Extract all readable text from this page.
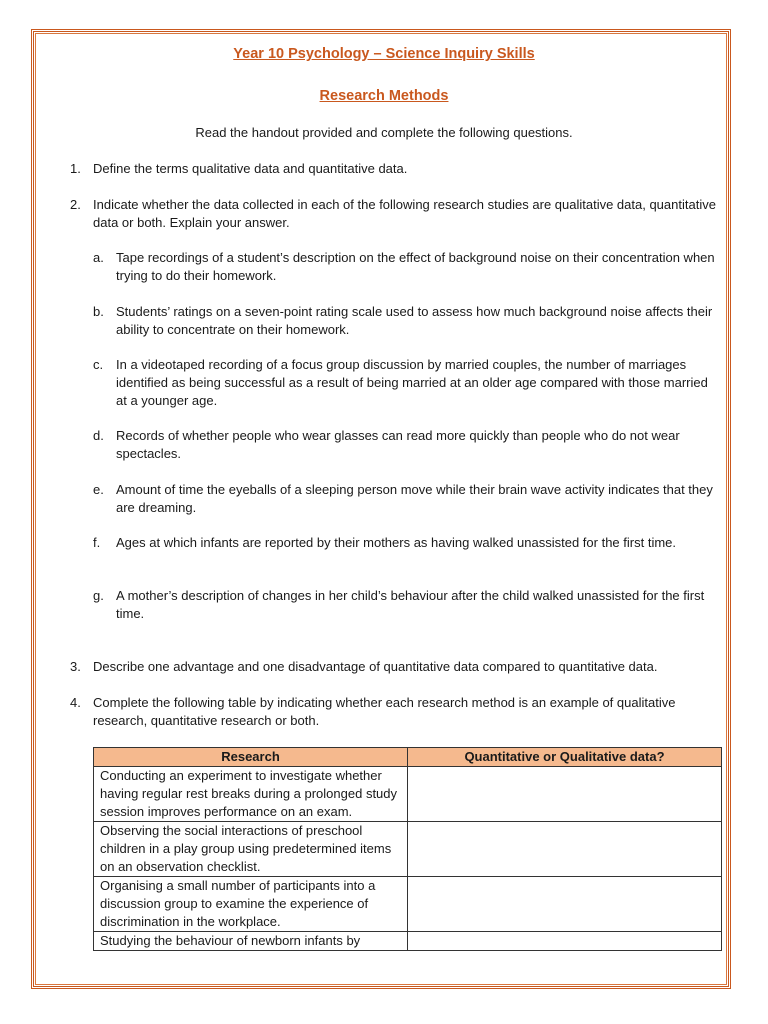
Year 10 Psychology – Science Inquiry Skills
Research Methods
Read the handout provided and complete the following questions.
1. Define the terms qualitative data and quantitative data.
2. Indicate whether the data collected in each of the following research studies are qualitative data, quantitative data or both. Explain your answer.
a. Tape recordings of a student’s description on the effect of background noise on their concentration when trying to do their homework.
b. Students’ ratings on a seven-point rating scale used to assess how much background noise affects their ability to concentrate on their homework.
c. In a videotaped recording of a focus group discussion by married couples, the number of marriages identified as being successful as a result of being married at an older age compared with those married at a younger age.
d. Records of whether people who wear glasses can read more quickly than people who do not wear spectacles.
e. Amount of time the eyeballs of a sleeping person move while their brain wave activity indicates that they are dreaming.
f. Ages at which infants are reported by their mothers as having walked unassisted for the first time.
g. A mother’s description of changes in her child’s behaviour after the child walked unassisted for the first time.
3. Describe one advantage and one disadvantage of quantitative data compared to quantitative data.
4. Complete the following table by indicating whether each research method is an example of qualitative research, quantitative research or both.
Research	Quantitative or Qualitative data?
Conducting an experiment to investigate whether having regular rest breaks during a prolonged study session improves performance on an exam.	
Observing the social interactions of preschool children in a play group using predetermined items on an observation checklist.	
Organising a small number of participants into a discussion group to examine the experience of discrimination in the workplace.	
Studying the behaviour of newborn infants by	
